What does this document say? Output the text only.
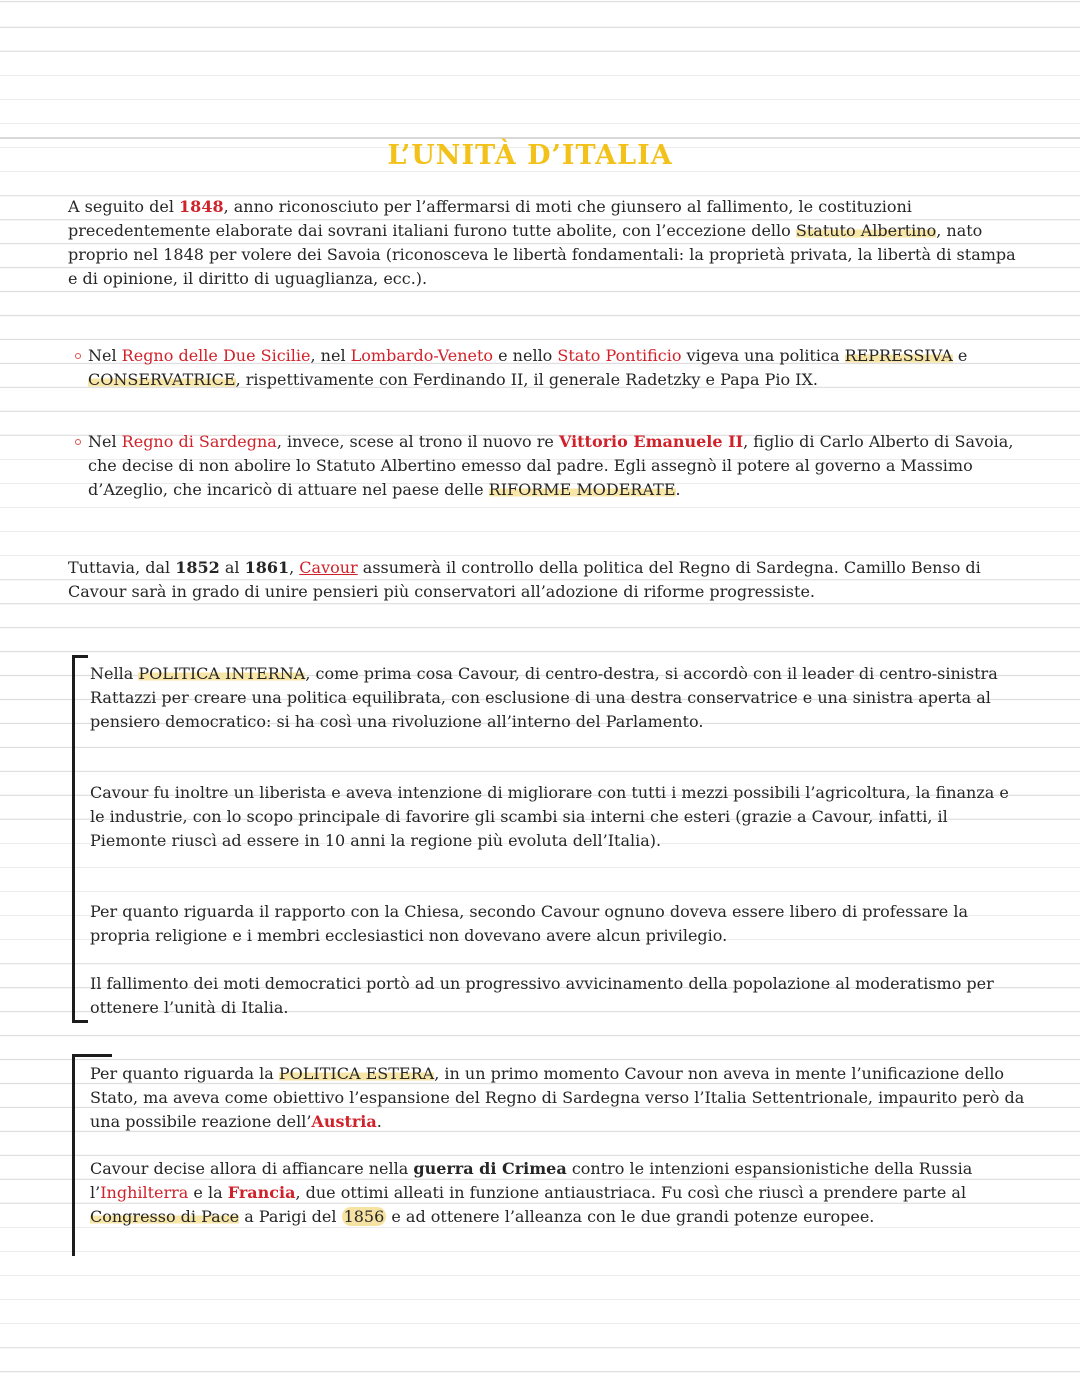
L’UNITÀ D’ITALIA

A seguito del 1848, anno riconosciuto per l’affermarsi di moti che giunsero al fallimento, le costituzioni precedentemente elaborate dai sovrani italiani furono tutte abolite, con l’eccezione dello Statuto Albertino, nato proprio nel 1848 per volere dei Savoia (riconosceva le libertà fondamentali: la proprietà privata, la libertà di stampa e di opinione, il diritto di uguaglianza, ecc.).

Nel Regno delle Due Sicilie, nel Lombardo-Veneto e nello Stato Pontificio vigeva una politica REPRESSIVA e CONSERVATRICE, rispettivamente con Ferdinando II, il generale Radetzky e Papa Pio IX.
Nel Regno di Sardegna, invece, scese al trono il nuovo re Vittorio Emanuele II, figlio di Carlo Alberto di Savoia, che decise di non abolire lo Statuto Albertino emesso dal padre. Egli assegnò il potere al governo a Massimo d’Azeglio, che incaricò di attuare nel paese delle RIFORME MODERATE.

Tuttavia, dal 1852 al 1861, Cavour assumerà il controllo della politica del Regno di Sardegna. Camillo Benso di Cavour sarà in grado di unire pensieri più conservatori all’adozione di riforme progressiste.

Nella POLITICA INTERNA, come prima cosa Cavour, di centro-destra, si accordò con il leader di centro-sinistra Rattazzi per creare una politica equilibrata, con esclusione di una destra conservatrice e una sinistra aperta al pensiero democratico: si ha così una rivoluzione all’interno del Parlamento.

Cavour fu inoltre un liberista e aveva intenzione di migliorare con tutti i mezzi possibili l’agricoltura, la finanza e le industrie, con lo scopo principale di favorire gli scambi sia interni che esteri (grazie a Cavour, infatti, il Piemonte riuscì ad essere in 10 anni la regione più evoluta dell’Italia).

Per quanto riguarda il rapporto con la Chiesa, secondo Cavour ognuno doveva essere libero di professare la propria religione e i membri ecclesiastici non dovevano avere alcun privilegio.

Il fallimento dei moti democratici portò ad un progressivo avvicinamento della popolazione al moderatismo per ottenere l’unità di Italia.

Per quanto riguarda la POLITICA ESTERA, in un primo momento Cavour non aveva in mente l’unificazione dello Stato, ma aveva come obiettivo l’espansione del Regno di Sardegna verso l’Italia Settentrionale, impaurito però da una possibile reazione dell’Austria.

Cavour decise allora di affiancare nella guerra di Crimea contro le intenzioni espansionistiche della Russia l’Inghilterra e la Francia, due ottimi alleati in funzione antiaustriaca. Fu così che riuscì a prendere parte al Congresso di Pace a Parigi del 1856 e ad ottenere l’alleanza con le due grandi potenze europee.
